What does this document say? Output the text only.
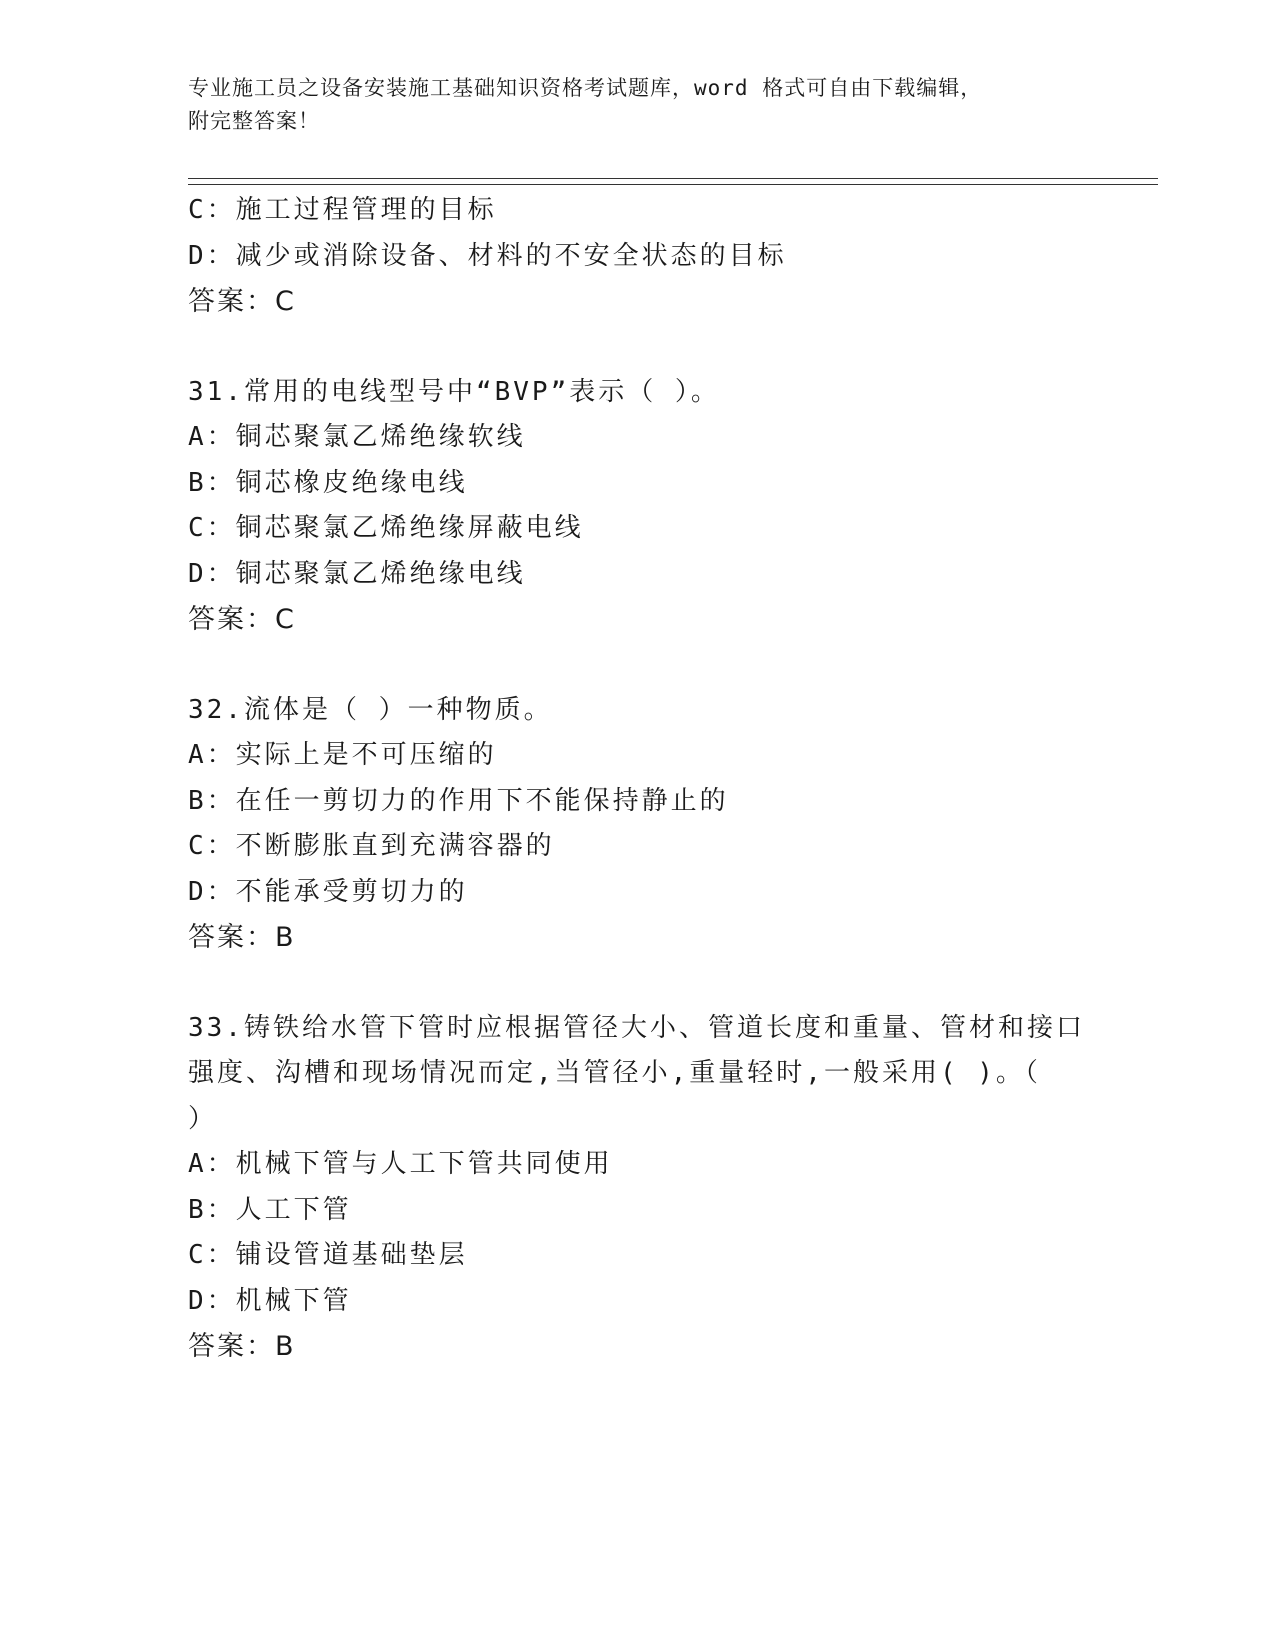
专业施工员之设备安装施工基础知识资格考试题库，word 格式可自由下载编辑，
附完整答案！
C：施工过程管理的目标
D：减少或消除设备、材料的不安全状态的目标
答案：C
31.常用的电线型号中“BVP”表示（ ）。
A：铜芯聚氯乙烯绝缘软线
B：铜芯橡皮绝缘电线
C：铜芯聚氯乙烯绝缘屏蔽电线
D：铜芯聚氯乙烯绝缘电线
答案：C
32.流体是（ ）一种物质。
A：实际上是不可压缩的
B：在任一剪切力的作用下不能保持静止的
C：不断膨胀直到充满容器的
D：不能承受剪切力的
答案：B
33.铸铁给水管下管时应根据管径大小、管道长度和重量、管材和接口
强度、沟槽和现场情况而定,当管径小,重量轻时,一般采用( )。（
）
A：机械下管与人工下管共同使用
B：人工下管
C：铺设管道基础垫层
D：机械下管
答案：B
